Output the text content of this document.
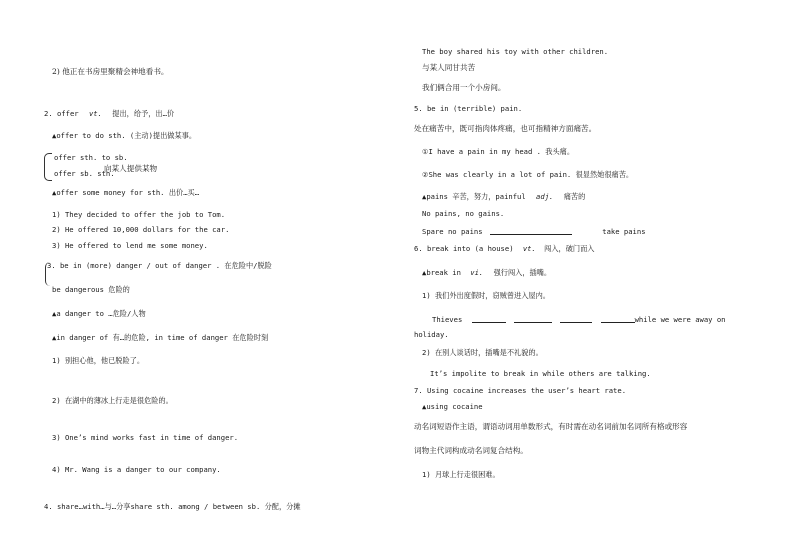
2) 他正在书房里聚精会神地看书。
2. offer vt. 提出，给予，出…价
▲offer to do sth. (主动)提出做某事。
offer sth. to sb.
offer sb. sth.
向某人提供某物
▲offer some money for sth. 出价…买…
1) They decided to offer the job to Tom.
2) He offered 10,000 dollars for the car.
3) He offered to lend me some money.
3. be in (more) danger / out of danger . 在危险中/脱险
be dangerous 危险的
▲a danger to …危险/人物
▲in danger of 有…的危险, in time of danger 在危险时刻
1) 别担心他，他已脱险了。
2) 在湖中的薄冰上行走是很危险的。
3) One’s mind works fast in time of danger.
4) Mr. Wang is a danger to our company.
4. share…with…与…分享share sth. among / between sb. 分配，分摊
The boy shared his toy with other children.
与某人同甘共苦
我们俩合用一个小房间。
5. be in (terrible) pain.
处在痛苦中，既可指肉体疼痛，也可指精神方面痛苦。
①I have a pain in my head . 我头痛。
②She was clearly in a lot of pain. 很显然她很痛苦。
▲pains 辛苦，努力，painful adj. 痛苦的
No pains, no gains.
Spare no pains	take pains
6. break into (a house) vt. 闯入，破门而入
▲break in vi. 强行闯入，插嘴。
1) 我们外出度假时，窃贼曾进入屋内。
Thieves	while we were away on
holiday.
2) 在别人谈话时，插嘴是不礼貌的。
It’s impolite to break in while others are talking.
7. Using cocaine increases the user’s heart rate.
▲using cocaine
动名词短语作主语，谓语动词用单数形式，有时需在动名词前加名词所有格或形容
词物主代词构成动名词复合结构。
1) 月球上行走很困难。
